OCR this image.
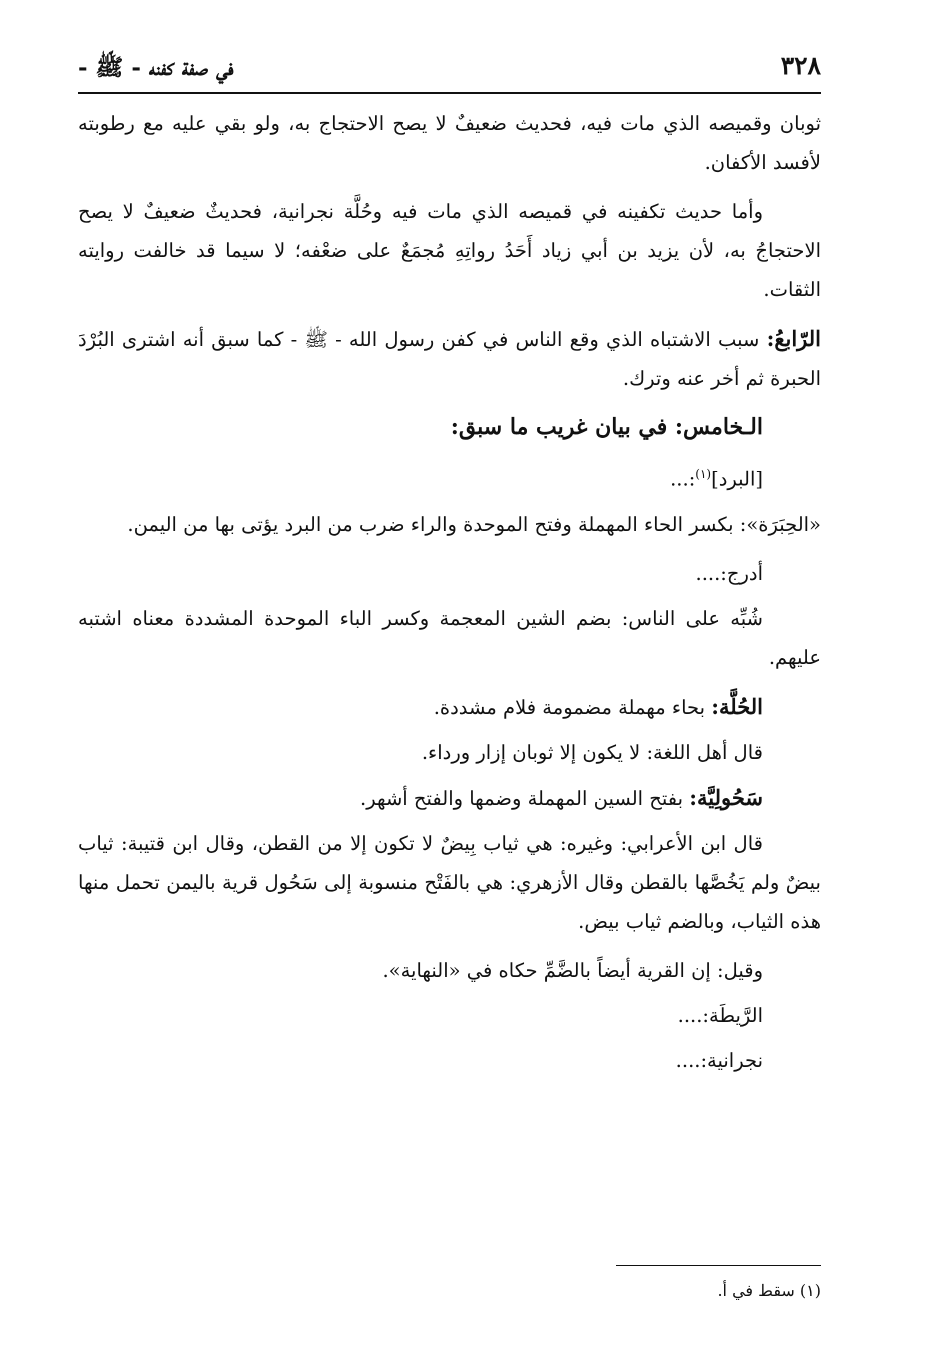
٣٢٨
في صفة كفنه - ﷺ -

ثوبان وقميصه الذي مات فيه، فحديث ضعيفٌ لا يصح الاحتجاج به، ولو بقي عليه مع رطوبته لأفسد الأكفان.

وأما حديث تكفينه في قميصه الذي مات فيه وحُلَّة نجرانية، فحديثٌ ضعيفٌ لا يصح الاحتجاجُ به، لأن يزيد بن أبي زياد أَحَدُ رواتِهِ مُجمَعٌ على ضعْفه؛ لا سيما قد خالفت روايته الثقات.

الرّابعُ: سبب الاشتباه الذي وقع الناس في كفن رسول الله - ﷺ - كما سبق أنه اشترى البُرْدَ الحبرة ثم أخر عنه وترك.

الـخامس: في بيان غريب ما سبق:

[البرد]$^{(١)}$:...

«الحِبَرَة»: بكسر الحاء المهملة وفتح الموحدة والراء ضرب من البرد يؤتى بها من اليمن.

أدرج:....

شُبِّه على الناس: بضم الشين المعجمة وكسر الباء الموحدة المشددة معناه اشتبه عليهم.

الحُلَّة: بحاء مهملة مضمومة فلام مشددة.

قال أهل اللغة: لا يكون إلا ثوبان إزار ورداء.

سَحُولِيَّة: بفتح السين المهملة وضمها والفتح أشهر.

قال ابن الأعرابي: وغيره: هي ثياب بِيضٌ لا تكون إلا من القطن، وقال ابن قتيبة: ثياب بيضٌ ولم يَخُصَّها بالقطن وقال الأزهري: هي بالفَتْح منسوبة إلى سَحُول قرية باليمن تحمل منها هذه الثياب، وبالضم ثياب بيض.

وقيل: إن القرية أيضاً بالضَّمِّ حكاه في «النهاية».

الرَّيطَة:....

نجرانية:....

(١) سقط في أ.
